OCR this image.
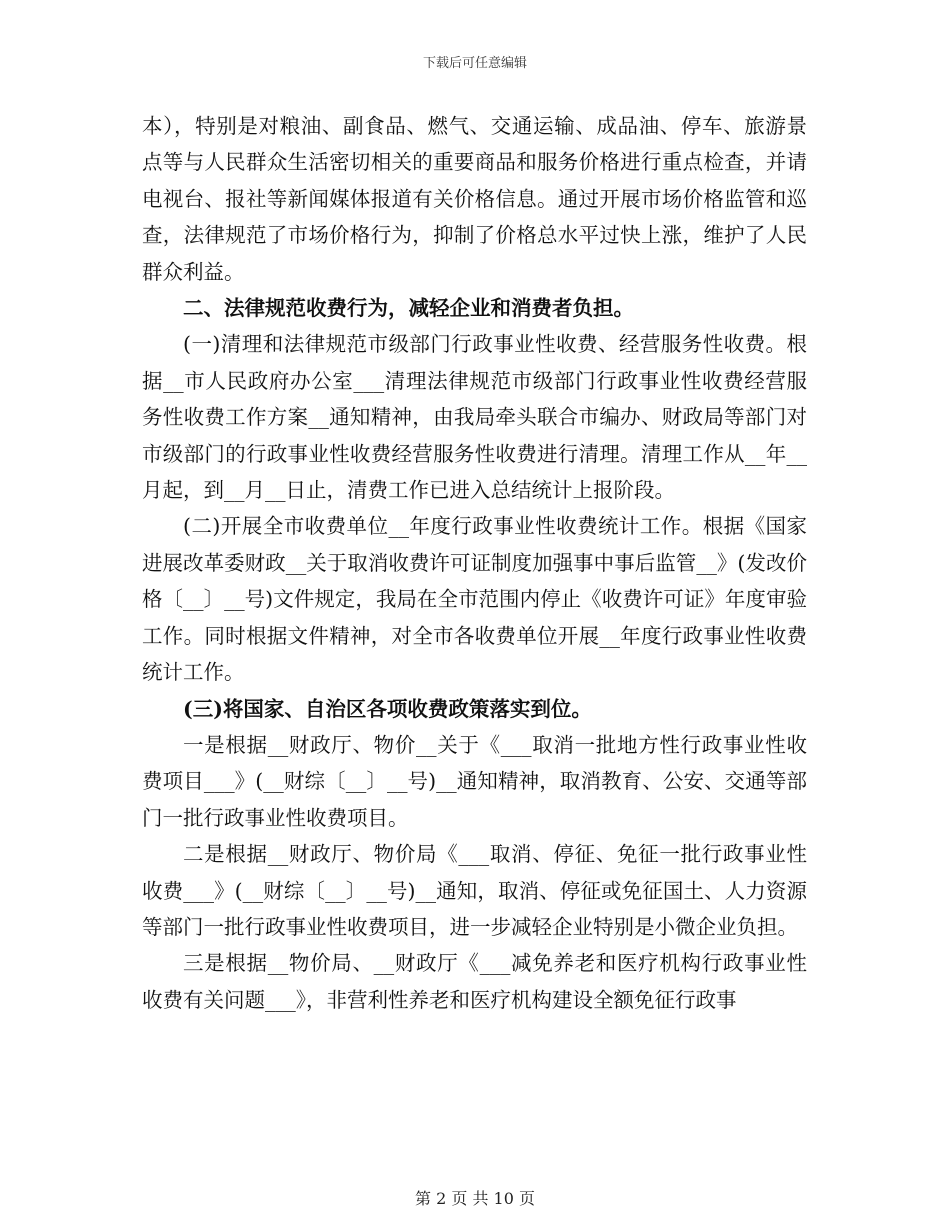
下载后可任意编辑

本），特别是对粮油、副食品、燃气、交通运输、成品油、停车、旅游景点等与人民群众生活密切相关的重要商品和服务价格进行重点检查，并请电视台、报社等新闻媒体报道有关价格信息。通过开展市场价格监管和巡查，法律规范了市场价格行为，抑制了价格总水平过快上涨，维护了人民群众利益。

二、法律规范收费行为，减轻企业和消费者负担。

(一)清理和法律规范市级部门行政事业性收费、经营服务性收费。根据__市人民政府办公室___清理法律规范市级部门行政事业性收费经营服务性收费工作方案__通知精神，由我局牵头联合市编办、财政局等部门对市级部门的行政事业性收费经营服务性收费进行清理。清理工作从__年__月起，到__月__日止，清费工作已进入总结统计上报阶段。

(二)开展全市收费单位__年度行政事业性收费统计工作。根据《国家进展改革委财政__关于取消收费许可证制度加强事中事后监管__》(发改价格〔__〕__号)文件规定，我局在全市范围内停止《收费许可证》年度审验工作。同时根据文件精神，对全市各收费单位开展__年度行政事业性收费统计工作。

(三)将国家、自治区各项收费政策落实到位。

一是根据__财政厅、物价__关于《___取消一批地方性行政事业性收费项目___》(__财综〔__〕__号)__通知精神，取消教育、公安、交通等部门一批行政事业性收费项目。

二是根据__财政厅、物价局《___取消、停征、免征一批行政事业性收费___》(__财综〔__〕__号)__通知，取消、停征或免征国土、人力资源等部门一批行政事业性收费项目，进一步减轻企业特别是小微企业负担。

三是根据__物价局、__财政厅《___减免养老和医疗机构行政事业性收费有关问题___》，非营利性养老和医疗机构建设全额免征行政事

第 2 页 共 10 页
